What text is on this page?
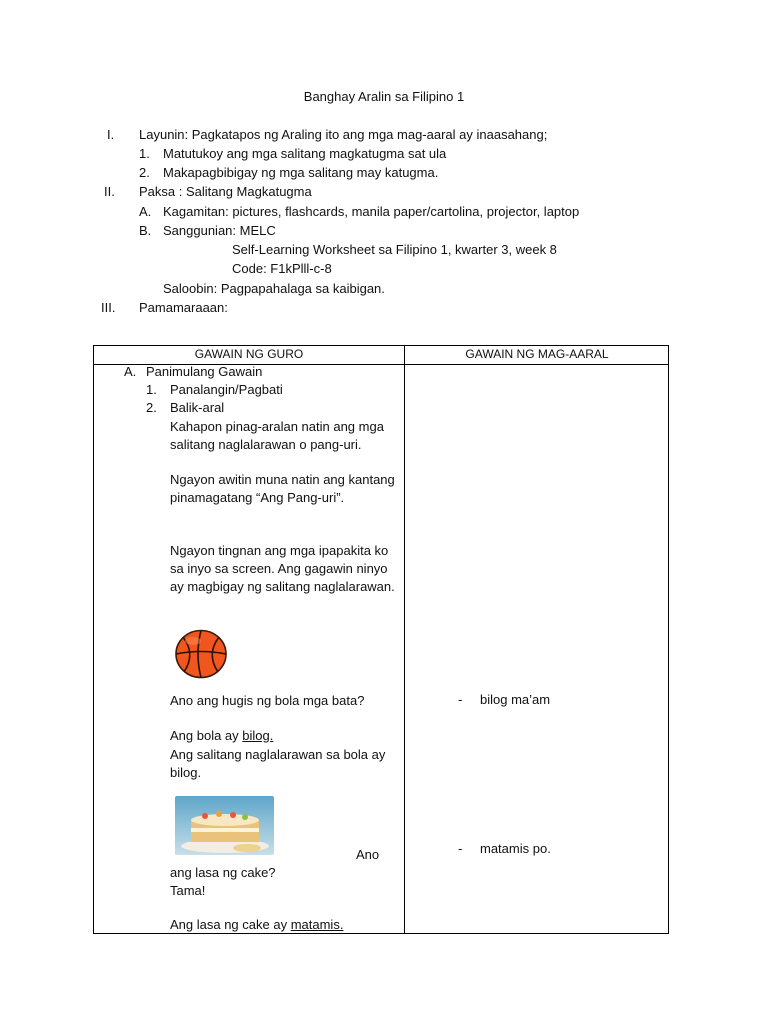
Banghay Aralin sa Filipino 1
I. Layunin: Pagkatapos ng Araling ito ang mga mag-aaral ay inaasahang;
1. Matutukoy ang mga salitang magkatugma sat ula
2. Makapagbibigay ng mga salitang may katugma.
II. Paksa : Salitang Magkatugma
A. Kagamitan: pictures, flashcards, manila paper/cartolina, projector, laptop
B. Sanggunian: MELC
Self-Learning Worksheet sa Filipino 1, kwarter 3, week 8
Code: F1kPlll-c-8
Saloobin: Pagpapahalaga sa kaibigan.
III. Pamamaraaan:
GAWAIN NG GURO	GAWAIN NG MAG-AARAL
A. Panimulang Gawain
1. Panalangin/Pagbati
2. Balik-aral
Kahapon pinag-aralan natin ang mga salitang naglalarawan o pang-uri.
Ngayon awitin muna natin ang kantang pinamagatang “Ang Pang-uri”.
Ngayon tingnan ang mga ipapakita ko sa inyo sa screen. Ang gagawin ninyo ay magbigay ng salitang naglalarawan.
Ano ang hugis ng bola mga bata?
Ang bola ay bilog.
Ang salitang naglalarawan sa bola ay bilog.
Ano
ang lasa ng cake?
Tama!
Ang lasa ng cake ay matamis.
- bilog ma’am
- matamis po.
